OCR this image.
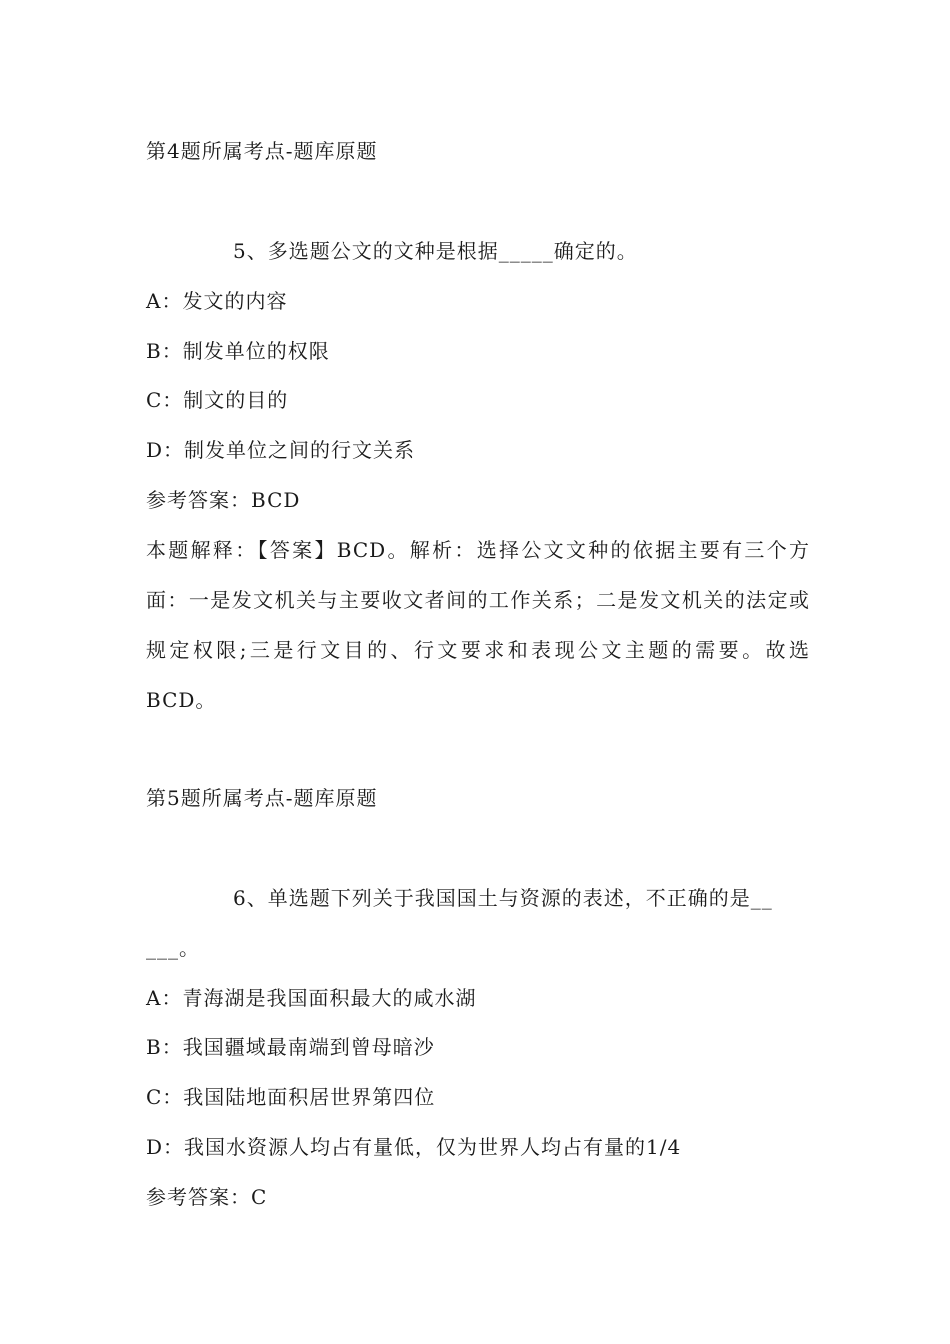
第4题所属考点-题库原题
5、多选题公文的文种是根据_____确定的。
A：发文的内容
B：制发单位的权限
C：制文的目的
D：制发单位之间的行文关系
参考答案：BCD
本题解释：【答案】BCD。解析：选择公文文种的依据主要有三个方面：一是发文机关与主要收文者间的工作关系；二是发文机关的法定或规定权限;三是行文目的、行文要求和表现公文主题的需要。故选BCD。
第5题所属考点-题库原题
6、单选题下列关于我国国土与资源的表述，不正确的是__
___。
A：青海湖是我国面积最大的咸水湖
B：我国疆域最南端到曾母暗沙
C：我国陆地面积居世界第四位
D：我国水资源人均占有量低，仅为世界人均占有量的1/4
参考答案：C
